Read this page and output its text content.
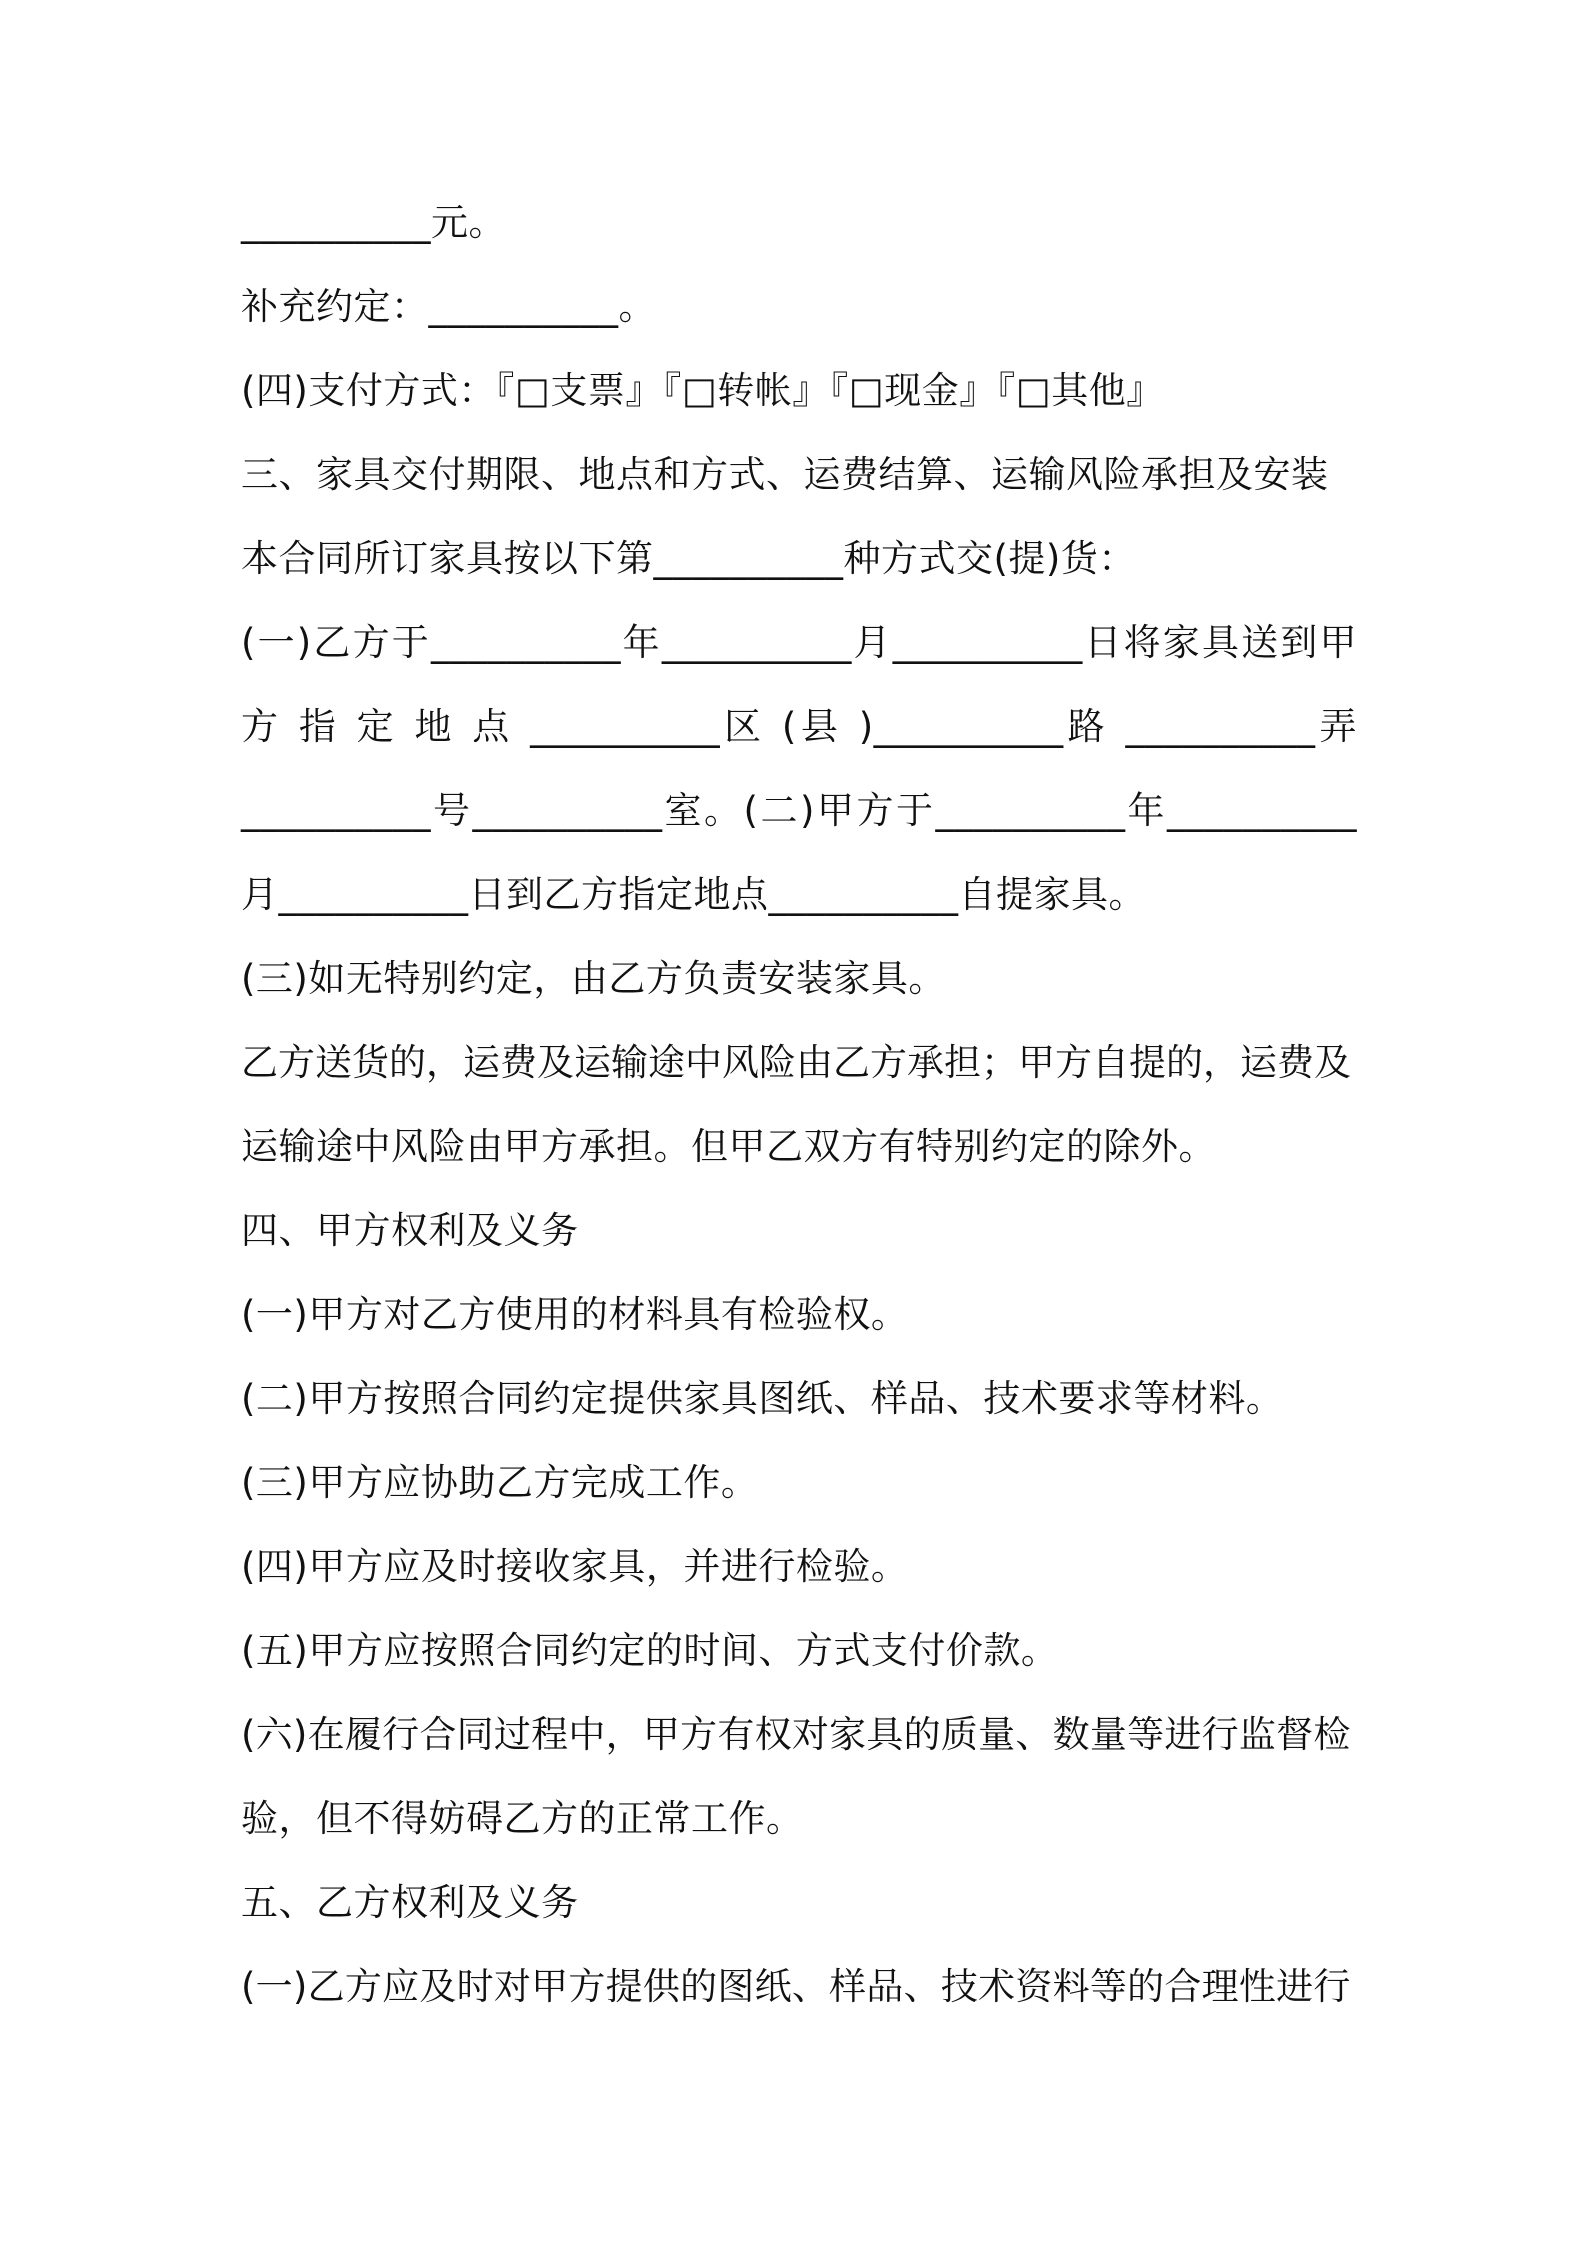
__________元。
补充约定：__________。
(四)支付方式：『□支票』『□转帐』『□现金』『□其他』
三、家具交付期限、地点和方式、运费结算、运输风险承担及安装
本合同所订家具按以下第__________种方式交(提)货：
(一)乙方于__________年__________月__________日将家具送到甲
方 指 定 地 点 __________区 (县 )__________路 __________弄
__________号__________室。(二)甲方于__________年__________
月__________日到乙方指定地点__________自提家具。
(三)如无特别约定，由乙方负责安装家具。
乙方送货的，运费及运输途中风险由乙方承担；甲方自提的，运费及
运输途中风险由甲方承担。但甲乙双方有特别约定的除外。
四、甲方权利及义务
(一)甲方对乙方使用的材料具有检验权。
(二)甲方按照合同约定提供家具图纸、样品、技术要求等材料。
(三)甲方应协助乙方完成工作。
(四)甲方应及时接收家具，并进行检验。
(五)甲方应按照合同约定的时间、方式支付价款。
(六)在履行合同过程中，甲方有权对家具的质量、数量等进行监督检
验，但不得妨碍乙方的正常工作。
五、乙方权利及义务
(一)乙方应及时对甲方提供的图纸、样品、技术资料等的合理性进行
